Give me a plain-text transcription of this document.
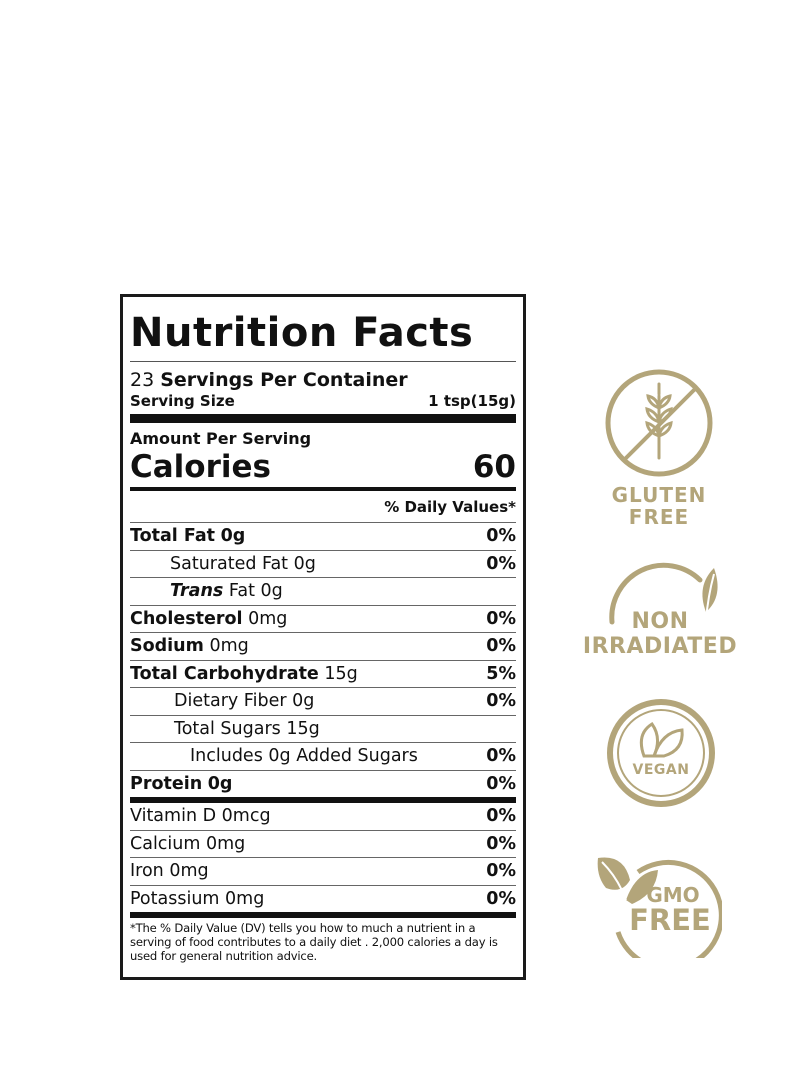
Nutrition Facts
23 Servings Per Container
Serving Size	1 tsp(15g)
Amount Per Serving
Calories	60
% Daily Values*
Total Fat 0g	0%
Saturated Fat 0g	0%
Trans Fat 0g
Cholesterol 0mg	0%
Sodium 0mg	0%
Total Carbohydrate 15g	5%
Dietary Fiber 0g	0%
Total Sugars 15g
Includes 0g Added Sugars	0%
Protein 0g	0%
Vitamin D 0mcg	0%
Calcium 0mg	0%
Iron 0mg	0%
Potassium 0mg	0%
*The % Daily Value (DV) tells you how to much a nutrient in a serving of food contributes to a daily diet . 2,000 calories a day is used for general nutrition advice.
GLUTEN
FREE
NON
IRRADIATED
VEGAN
GMO
FREE
